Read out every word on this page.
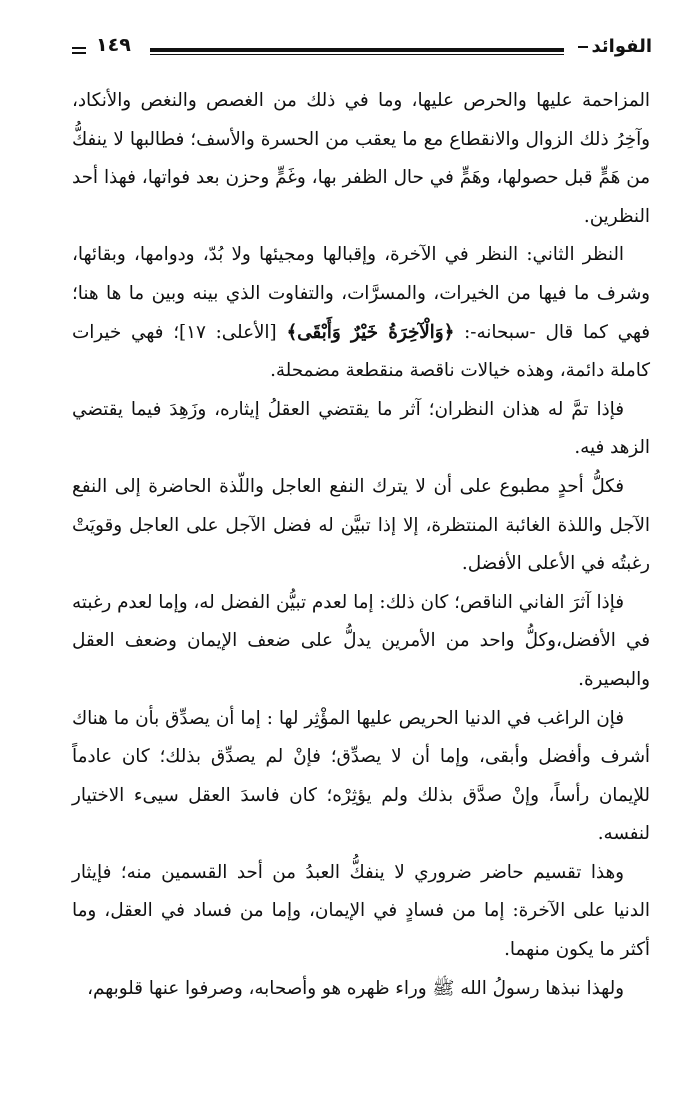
١٤٩	الفوائد

المزاحمة عليها والحرص عليها، وما في ذلك من الغصص والنغص والأنكاد، وآخِرُ ذلك الزوال والانقطاع مع ما يعقب من الحسرة والأسف؛ فطالبها لا ينفكُّ من هَمٍّ قبل حصولها، وهَمٍّ في حال الظفر بها، وغَمٍّ وحزن بعد فواتها، فهذا أحد النظرين.

النظر الثاني: النظر في الآخرة، وإقبالها ومجيئها ولا بُدّ، ودوامها، وبقائها، وشرف ما فيها من الخيرات، والمسرَّات، والتفاوت الذي بينه وبين ما ها هنا؛ فهي كما قال -سبحانه-: ﴿وَالْآخِرَةُ خَيْرٌ وَأَبْقَى﴾ [الأعلى: ١٧]؛ فهي خيرات كاملة دائمة، وهذه خيالات ناقصة منقطعة مضمحلة.

فإذا تمَّ له هذان النظران؛ آثر ما يقتضي العقلُ إيثاره، وزَهِدَ فيما يقتضي الزهد فيه.

فكلُّ أحدٍ مطبوع على أن لا يترك النفع العاجل واللّذة الحاضرة إلى النفع الآجل واللذة الغائبة المنتظرة، إلا إذا تبيَّن له فضل الآجل على العاجل وقويَتْ رغبتُه في الأعلى الأفضل.

فإذا آثرَ الفاني الناقص؛ كان ذلك: إما لعدم تبيُّن الفضل له، وإما لعدم رغبته في الأفضل،وكلُّ واحد من الأمرين يدلُّ على ضعف الإيمان وضعف العقل والبصيرة.

فإن الراغب في الدنيا الحريص عليها المؤْثِر لها : إما أن يصدِّق بأن ما هناك أشرف وأفضل وأبقى، وإما أن لا يصدِّق؛ فإنْ لم يصدِّق بذلك؛ كان عادماً للإيمان رأساً، وإنْ صدَّق بذلك ولم يؤثِرْه؛ كان فاسدَ العقل سيىء الاختيار لنفسه.

وهذا تقسيم حاضر ضروري لا ينفكُّ العبدُ من أحد القسمين منه؛ فإيثار الدنيا على الآخرة: إما من فسادٍ في الإيمان، وإما من فساد في العقل، وما أكثر ما يكون منهما.

ولهذا نبذها رسولُ الله ﷺ وراء ظهره هو وأصحابه، وصرفوا عنها قلوبهم،
